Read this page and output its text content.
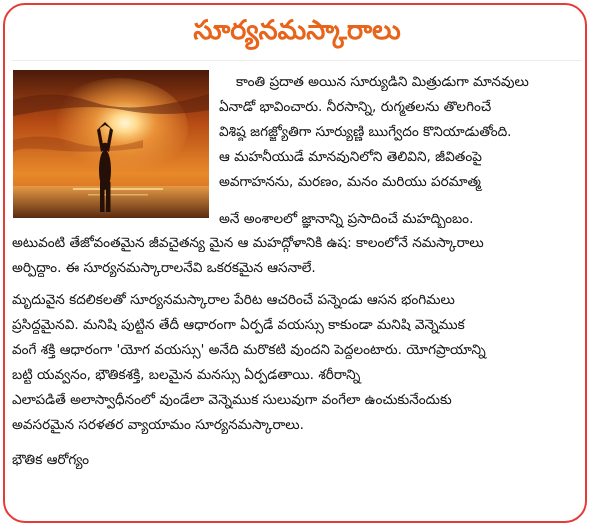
సూర్యనమస్కారాలు
కాంతి ప్రదాత అయిన సూర్యుడిని మిత్రుడుగా మానవులు
ఏనాడో భావించారు. నీరసాన్ని, రుగ్మతలను తొలగించే
విశిష్ఠ జగజ్జ్యోతిగా సూర్యుణ్ణి ఋగ్వేదం కొనియాడుతోంది.
ఆ మహనీయుడే మానవునిలోని తెలివిని, జీవితంపై
అవగాహనను, మరణం, మనం మరియు పరమాత్మ
అనే అంశాలలో జ్ఞానాన్ని ప్రసాదించే మహద్బింబం.
అటువంటి తేజోవంతమైన జీవచైతన్య మైన ఆ మహద్గోళానికి ఉష: కాలంలోనే నమస్కారాలు
అర్పిద్దాం. ఈ సూర్యనమస్కారాలనేవి ఒకరకమైన ఆసనాలే.
మృదువైన కదలికలతో సూర్యనమస్కారాల పేరిట ఆచరించే పన్నెండు ఆసన భంగిమలు
ప్రసిద్ధమైనవి. మనిషి పుట్టిన తేదీ ఆధారంగా ఏర్పడే వయస్సు కాకుండా మనిషి వెన్నెముక
వంగే శక్తి ఆధారంగా 'యోగ వయస్సు' అనేది మరొకటి వుందని పెద్దలంటారు. యోగప్రాయాన్ని
బట్టి యవ్వనం, భౌతికశక్తి, బలమైన మనస్సు ఏర్పడతాయి. శరీరాన్ని
ఎలాపడితే అలాస్వాధీనంలో వుండేలా వెన్నెముక సులువుగా వంగేలా ఉంచుకునేందుకు
అవసరమైన సరళతర వ్యాయామం సూర్యనమస్కారాలు.
భౌతిక ఆరోగ్యం
